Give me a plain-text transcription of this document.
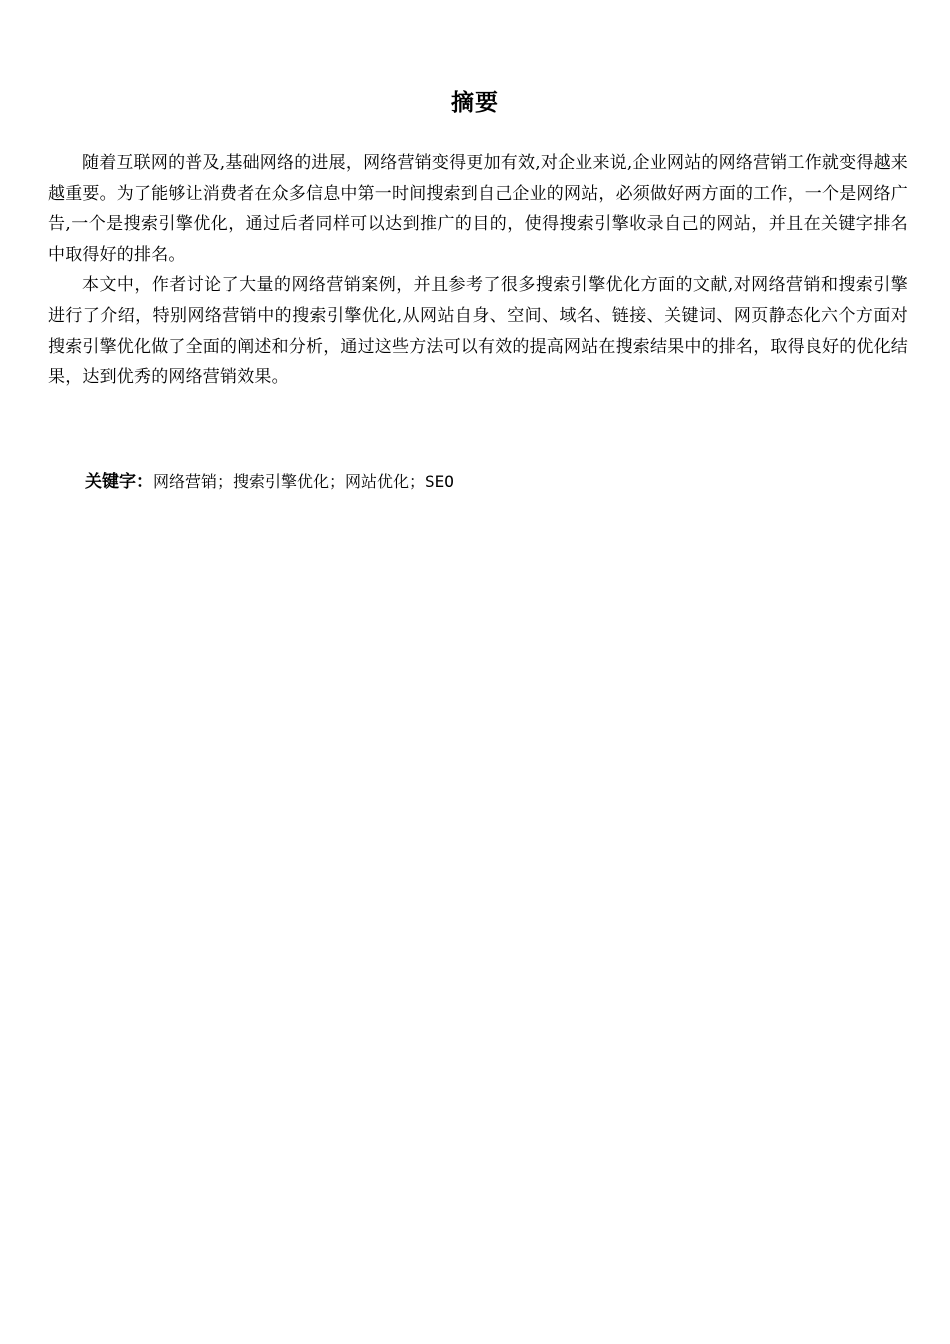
摘要

随着互联网的普及,基础网络的进展，网络营销变得更加有效,对企业来说,企业网站的网络营销工作就变得越来越重要。为了能够让消费者在众多信息中第一时间搜索到自己企业的网站，必须做好两方面的工作，一个是网络广告,一个是搜索引擎优化，通过后者同样可以达到推广的目的，使得搜索引擎收录自己的网站，并且在关键字排名中取得好的排名。

本文中，作者讨论了大量的网络营销案例，并且参考了很多搜索引擎优化方面的文献,对网络营销和搜索引擎进行了介绍，特别网络营销中的搜索引擎优化,从网站自身、空间、域名、链接、关键词、网页静态化六个方面对搜索引擎优化做了全面的阐述和分析，通过这些方法可以有效的提高网站在搜索结果中的排名，取得良好的优化结果，达到优秀的网络营销效果。

关键字：网络营销；搜索引擎优化；网站优化；SEO
